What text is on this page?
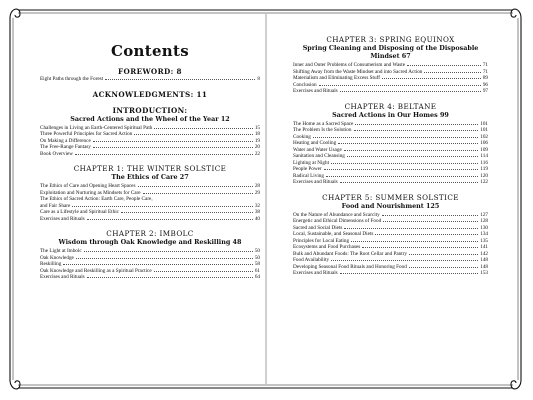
Contents
FOREWORD: 8
Eight Paths through the Forest	8
ACKNOWLEDGMENTS: 11
INTRODUCTION:
Sacred Actions and the Wheel of the Year 12
Challenges in Living an Earth-Centered Spiritual Path	15
Three Powerful Principles for Sacred Action	18
On Making a Difference	19
The Free-Range Fantasy	20
Book Overview	22
CHAPTER 1: THE WINTER SOLSTICE
The Ethics of Care 27
The Ethics of Care and Opening Heart Spaces	28
Exploitation and Nurturing as Mindsets for Care	29
The Ethics of Sacred Action: Earth Care, People Care,
and Fair Share	32
Care as a Lifestyle and Spiritual Ethic	38
Exercises and Rituals	40
CHAPTER 2: IMBOLC
Wisdom through Oak Knowledge and Reskilling 48
The Light at Imbolc	50
Oak Knowledge	50
Reskilling	58
Oak Knowledge and Reskilling as a Spiritual Practice	61
Exercises and Rituals	64
CHAPTER 3: SPRING EQUINOX
Spring Cleaning and Disposing of the Disposable Mindset 67
Inner and Outer Problems of Consumerism and Waste	71
Shifting Away from the Waste Mindset and into Sacred Action	71
Materialism and Eliminating Excess Stuff	89
Conclusion	96
Exercises and Rituals	97
CHAPTER 4: BELTANE
Sacred Actions in Our Homes 99
The Home as a Sacred Space	101
The Problem Is the Solution	101
Cooking	102
Heating and Cooling	106
Water and Water Usage	109
Sanitation and Cleansing	114
Lighting at Night	116
People Power	119
Radical Living	120
Exercises and Rituals	122
CHAPTER 5: SUMMER SOLSTICE
Food and Nourishment 125
On the Nature of Abundance and Scarcity	127
Energetic and Ethical Dimensions of Food	128
Sacred and Social Diets	130
Local, Sustainable, and Seasonal Diets	134
Principles for Local Eating	135
Ecosystems and Food Purchases	141
Bulk and Abundant Foods: The Root Cellar and Pantry	142
Food Availability	148
Developing Seasonal Food Rituals and Honoring Food	148
Exercises and Rituals	153
